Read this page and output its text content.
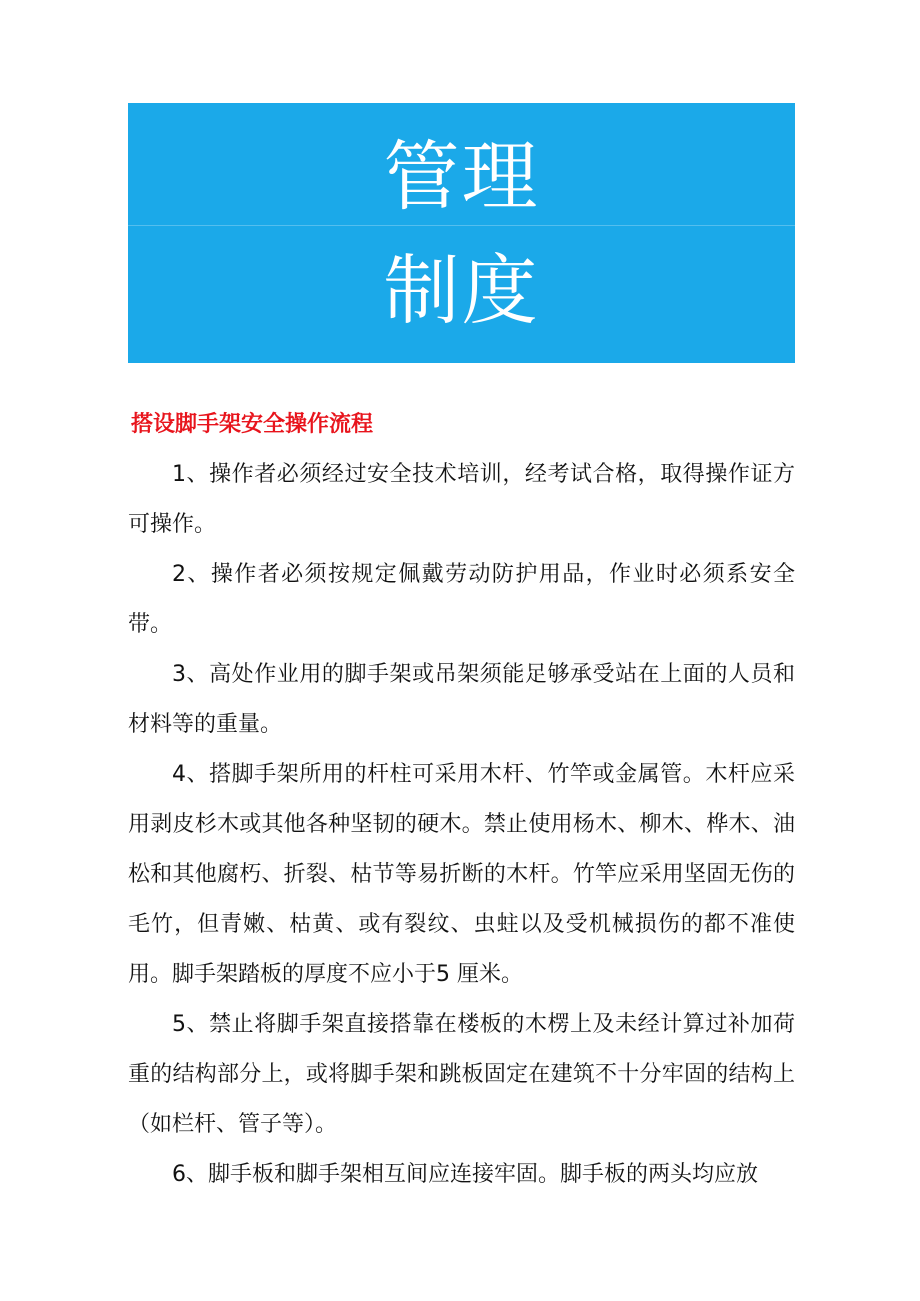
管理
制度
搭设脚手架安全操作流程

1、操作者必须经过安全技术培训，经考试合格，取得操作证方可操作。

2、操作者必须按规定佩戴劳动防护用品，作业时必须系安全带。

3、高处作业用的脚手架或吊架须能足够承受站在上面的人员和材料等的重量。

4、搭脚手架所用的杆柱可采用木杆、竹竿或金属管。木杆应采用剥皮杉木或其他各种坚韧的硬木。禁止使用杨木、柳木、桦木、油松和其他腐朽、折裂、枯节等易折断的木杆。竹竿应采用坚固无伤的毛竹，但青嫩、枯黄、或有裂纹、虫蛀以及受机械损伤的都不准使用。脚手架踏板的厚度不应小于5 厘米。

5、禁止将脚手架直接搭靠在楼板的木楞上及未经计算过补加荷重的结构部分上，或将脚手架和跳板固定在建筑不十分牢固的结构上（如栏杆、管子等）。

6、脚手板和脚手架相互间应连接牢固。脚手板的两头均应放
